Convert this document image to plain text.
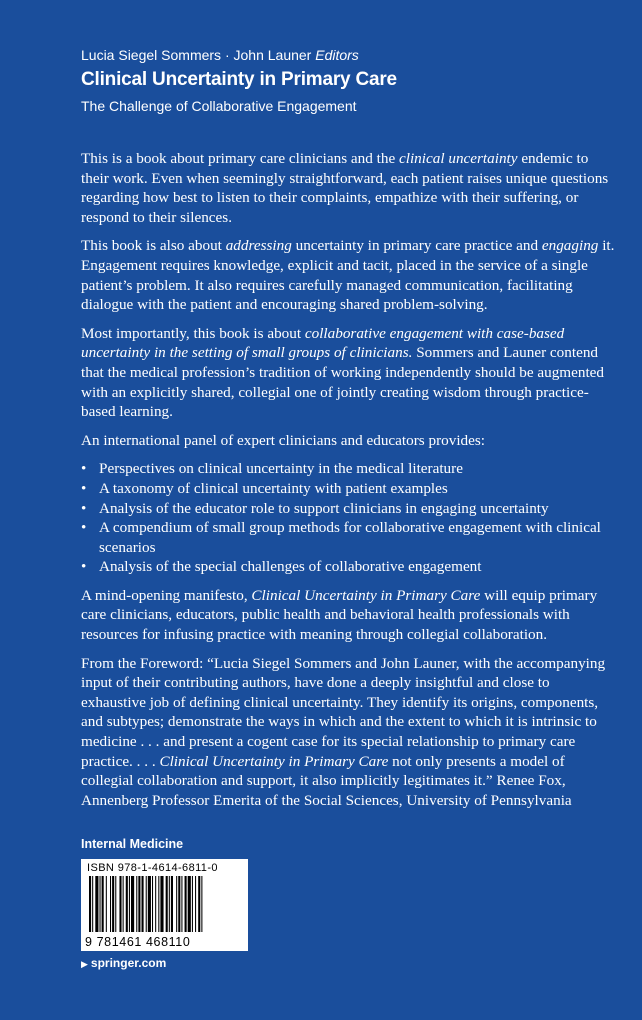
Lucia Siegel Sommers · John Launer Editors
Clinical Uncertainty in Primary Care
The Challenge of Collaborative Engagement

This is a book about primary care clinicians and the clinical uncertainty endemic to their work. Even when seemingly straightforward, each patient raises unique questions regarding how best to listen to their complaints, empathize with their suffering, or respond to their silences.

This book is also about addressing uncertainty in primary care practice and engaging it. Engagement requires knowledge, explicit and tacit, placed in the service of a single patient’s problem. It also requires carefully managed communication, facilitating dialogue with the patient and encouraging shared problem-solving.

Most importantly, this book is about collaborative engagement with case-based uncertainty in the setting of small groups of clinicians. Sommers and Launer contend that the medical profession’s tradition of working independently should be augmented with an explicitly shared, collegial one of jointly creating wisdom through practice-based learning.

An international panel of expert clinicians and educators provides:

• Perspectives on clinical uncertainty in the medical literature
• A taxonomy of clinical uncertainty with patient examples
• Analysis of the educator role to support clinicians in engaging uncertainty
• A compendium of small group methods for collaborative engagement with clinical scenarios
• Analysis of the special challenges of collaborative engagement

A mind-opening manifesto, Clinical Uncertainty in Primary Care will equip primary care clinicians, educators, public health and behavioral health professionals with resources for infusing practice with meaning through collegial collaboration.

From the Foreword: “Lucia Siegel Sommers and John Launer, with the accompanying input of their contributing authors, have done a deeply insightful and close to exhaustive job of defining clinical uncertainty. They identify its origins, components, and subtypes; demonstrate the ways in which and the extent to which it is intrinsic to medicine . . . and present a cogent case for its special relationship to primary care practice. . . . Clinical Uncertainty in Primary Care not only presents a model of collegial collaboration and support, it also implicitly legitimates it.” Renee Fox, Annenberg Professor Emerita of the Social Sciences, University of Pennsylvania

Internal Medicine
ISBN 978-1-4614-6811-0
9 781461 468110
▶ springer.com
